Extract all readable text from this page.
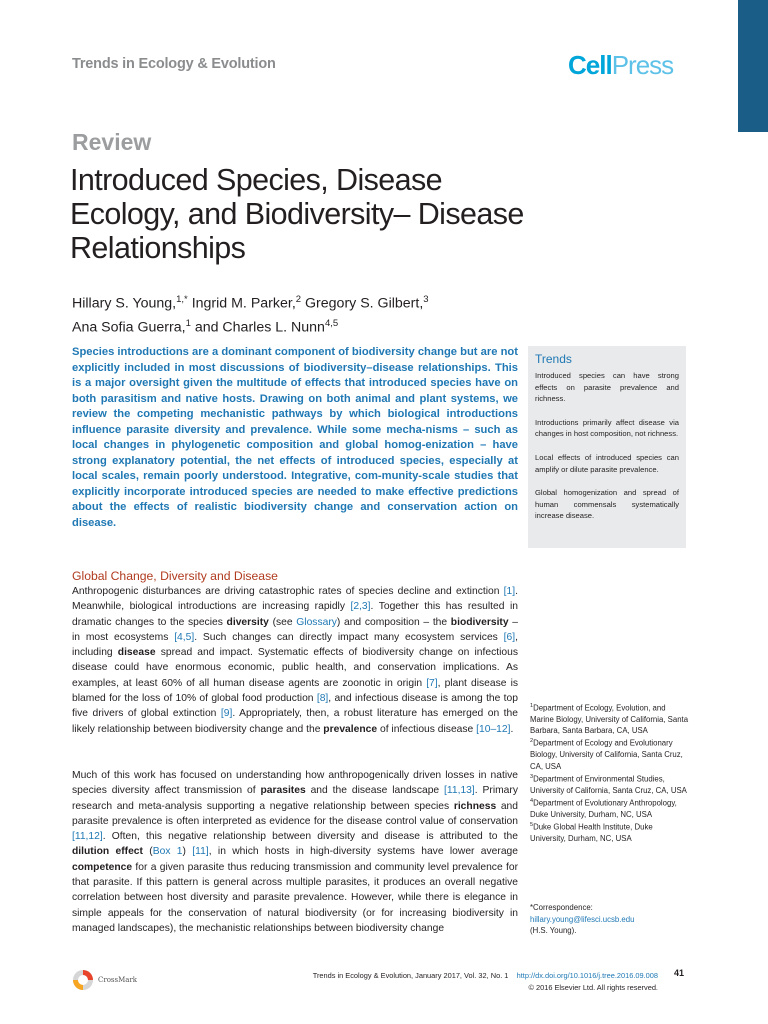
Trends in Ecology & Evolution	CellPress
Review
Introduced Species, Disease Ecology, and Biodiversity– Disease Relationships
Hillary S. Young,$^{1,*}$ Ingrid M. Parker,$^2$ Gregory S. Gilbert,$^3$
Ana Sofia Guerra,$^1$ and Charles L. Nunn$^{4,5}$
Species introductions are a dominant component of biodiversity change but are not explicitly included in most discussions of biodiversity–disease relationships. This is a major oversight given the multitude of effects that introduced species have on both parasitism and native hosts. Drawing on both animal and plant systems, we review the competing mechanistic pathways by which biological introductions influence parasite diversity and prevalence. While some mecha-nisms – such as local changes in phylogenetic composition and global homog-enization – have strong explanatory potential, the net effects of introduced species, especially at local scales, remain poorly understood. Integrative, com-munity-scale studies that explicitly incorporate introduced species are needed to make effective predictions about the effects of realistic biodiversity change and conservation action on disease.
Trends

Introduced species can have strong effects on parasite prevalence and richness.

Introductions primarily affect disease via changes in host composition, not richness.

Local effects of introduced species can amplify or dilute parasite prevalence.

Global homogenization and spread of human commensals systematically increase disease.

Global Change, Diversity and Disease
Anthropogenic disturbances are driving catastrophic rates of species decline and extinction [1]. Meanwhile, biological introductions are increasing rapidly [2,3]. Together this has resulted in dramatic changes to the species diversity (see Glossary) and composition – the biodiversity – in most ecosystems [4,5]. Such changes can directly impact many ecosystem services [6], including disease spread and impact. Systematic effects of biodiversity change on infectious disease could have enormous economic, public health, and conservation implications. As examples, at least 60% of all human disease agents are zoonotic in origin [7], plant disease is blamed for the loss of 10% of global food production [8], and infectious disease is among the top five drivers of global extinction [9]. Appropriately, then, a robust literature has emerged on the likely relationship between biodiversity change and the prevalence of infectious disease [10–12].
Much of this work has focused on understanding how anthropogenically driven losses in native species diversity affect transmission of parasites and the disease landscape [11,13]. Primary research and meta-analysis supporting a negative relationship between species richness and parasite prevalence is often interpreted as evidence for the disease control value of conservation [11,12]. Often, this negative relationship between diversity and disease is attributed to the dilution effect (Box 1) [11], in which hosts in high-diversity systems have lower average competence for a given parasite thus reducing transmission and community level prevalence for that parasite. If this pattern is general across multiple parasites, it produces an overall negative correlation between host diversity and parasite prevalence. However, while there is elegance in simple appeals for the conservation of natural biodiversity (or for increasing biodiversity in managed landscapes), the mechanistic relationships between biodiversity change
$^1$Department of Ecology, Evolution, and Marine Biology, University of California, Santa Barbara, Santa Barbara, CA, USA
$^2$Department of Ecology and Evolutionary Biology, University of California, Santa Cruz, CA, USA
$^3$Department of Environmental Studies, University of California, Santa Cruz, CA, USA
$^4$Department of Evolutionary Anthropology, Duke University, Durham, NC, USA
$^5$Duke Global Health Institute, Duke University, Durham, NC, USA
*Correspondence:
hillary.young@lifesci.ucsb.edu
(H.S. Young).
CrossMark	Trends in Ecology & Evolution, January 2017, Vol. 32, No. 1 http://dx.doi.org/10.1016/j.tree.2016.09.008
© 2016 Elsevier Ltd. All rights reserved.
41
